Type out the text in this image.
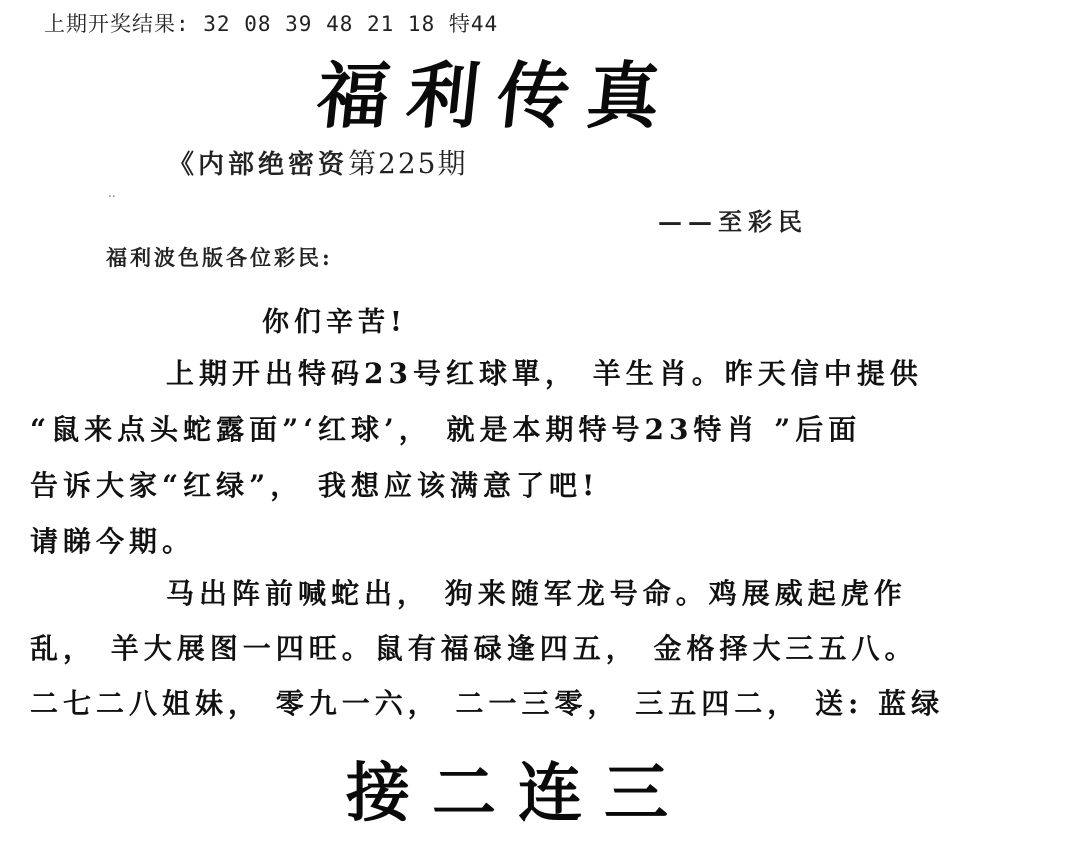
上期开奖结果: 32 08 39 48 21 18 特44
福利传真
《内部绝密资第225期
..
——至彩民
福利波色版各位彩民:
你们辛苦!
上期开出特码23号红球單， 羊生肖。昨天信中提供
“鼠来点头蛇露面”‘红球’， 就是本期特号23特肖 ”后面
告诉大家“红绿”， 我想应该满意了吧!
请睇今期。
马出阵前喊蛇出， 狗来随军龙号命。鸡展威起虎作
乱， 羊大展图一四旺。鼠有福碌逢四五， 金格择大三五八。
二七二八姐妹， 零九一六， 二一三零， 三五四二， 送: 蓝绿
接二连三
